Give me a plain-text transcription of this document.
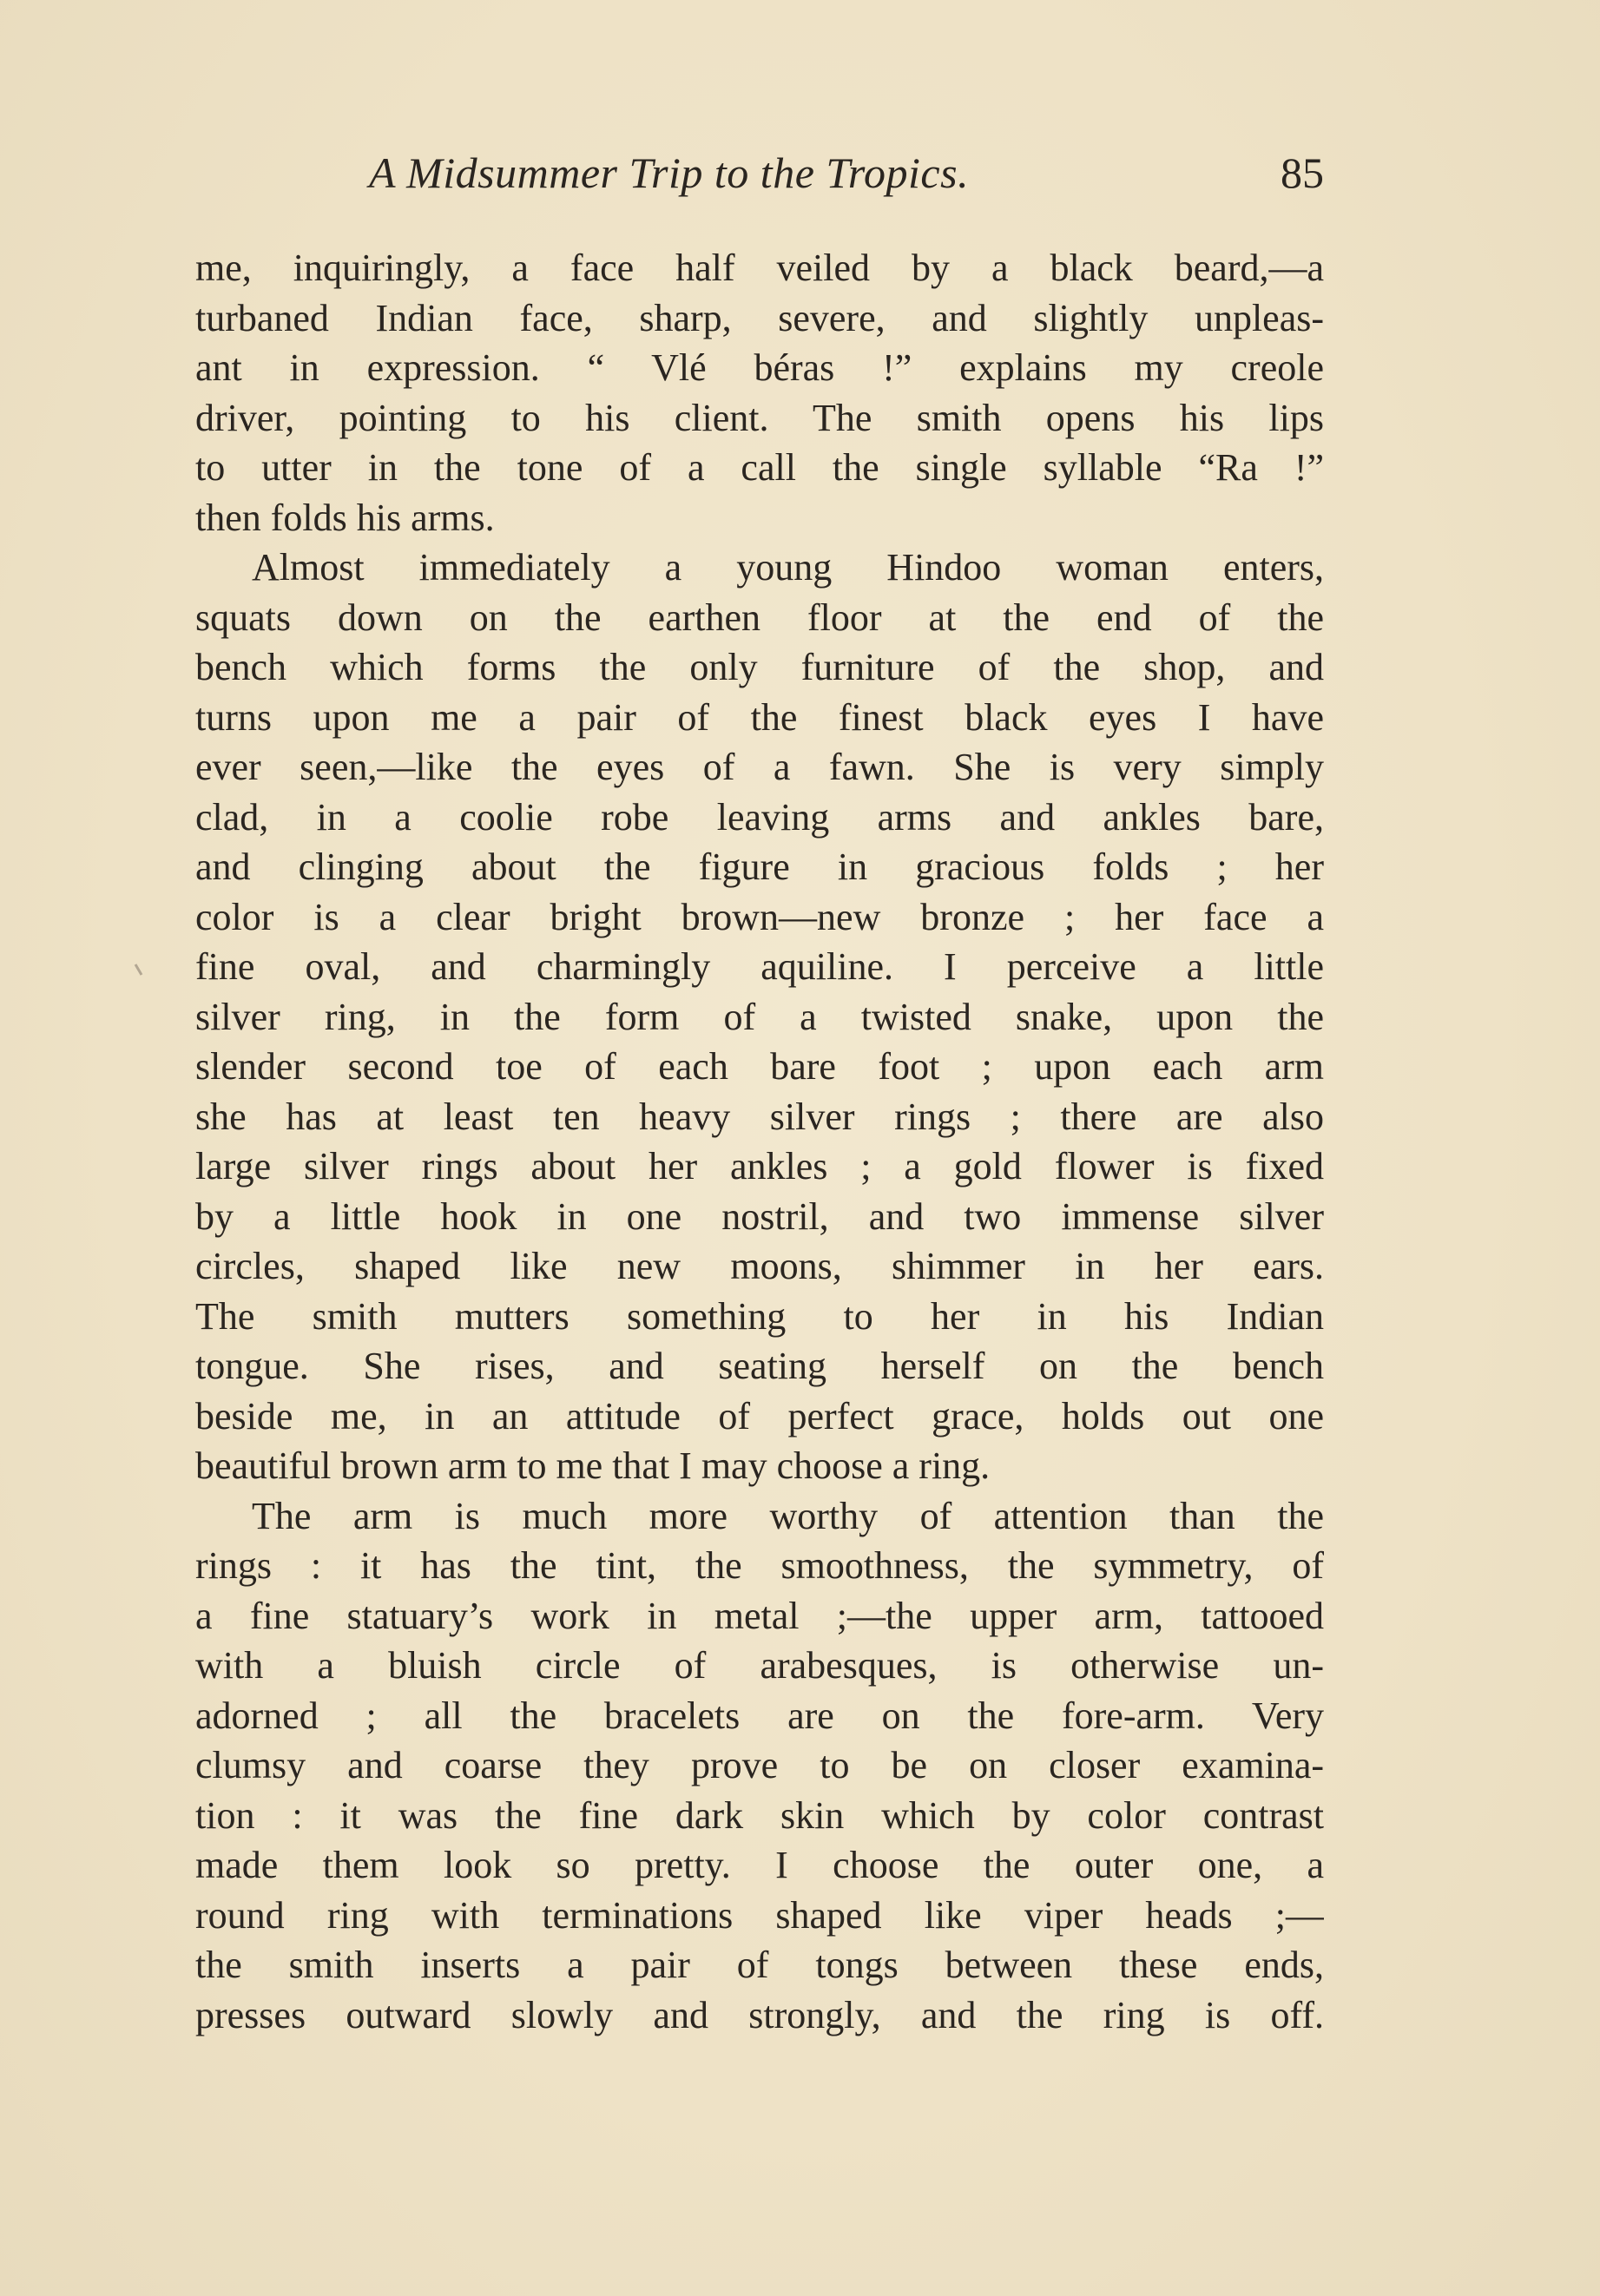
A Midsummer Trip to the Tropics.	85
me, inquiringly, a face half veiled by a black beard,—a
turbaned Indian face, sharp, severe, and slightly unpleas-
ant in expression. “ Vlé béras !” explains my creole
driver, pointing to his client. The smith opens his lips
to utter in the tone of a call the single syllable “Ra !”
then folds his arms.
Almost immediately a young Hindoo woman enters,
squats down on the earthen floor at the end of the
bench which forms the only furniture of the shop, and
turns upon me a pair of the finest black eyes I have
ever seen,—like the eyes of a fawn. She is very simply
clad, in a coolie robe leaving arms and ankles bare,
and clinging about the figure in gracious folds ; her
color is a clear bright brown—new bronze ; her face a
fine oval, and charmingly aquiline. I perceive a little
silver ring, in the form of a twisted snake, upon the
slender second toe of each bare foot ; upon each arm
she has at least ten heavy silver rings ; there are also
large silver rings about her ankles ; a gold flower is fixed
by a little hook in one nostril, and two immense silver
circles, shaped like new moons, shimmer in her ears.
The smith mutters something to her in his Indian
tongue. She rises, and seating herself on the bench
beside me, in an attitude of perfect grace, holds out one
beautiful brown arm to me that I may choose a ring.
The arm is much more worthy of attention than the
rings : it has the tint, the smoothness, the symmetry, of
a fine statuary’s work in metal ;—the upper arm, tattooed
with a bluish circle of arabesques, is otherwise un-
adorned ; all the bracelets are on the fore-arm. Very
clumsy and coarse they prove to be on closer examina-
tion : it was the fine dark skin which by color contrast
made them look so pretty. I choose the outer one, a
round ring with terminations shaped like viper heads ;—
the smith inserts a pair of tongs between these ends,
presses outward slowly and strongly, and the ring is off.
